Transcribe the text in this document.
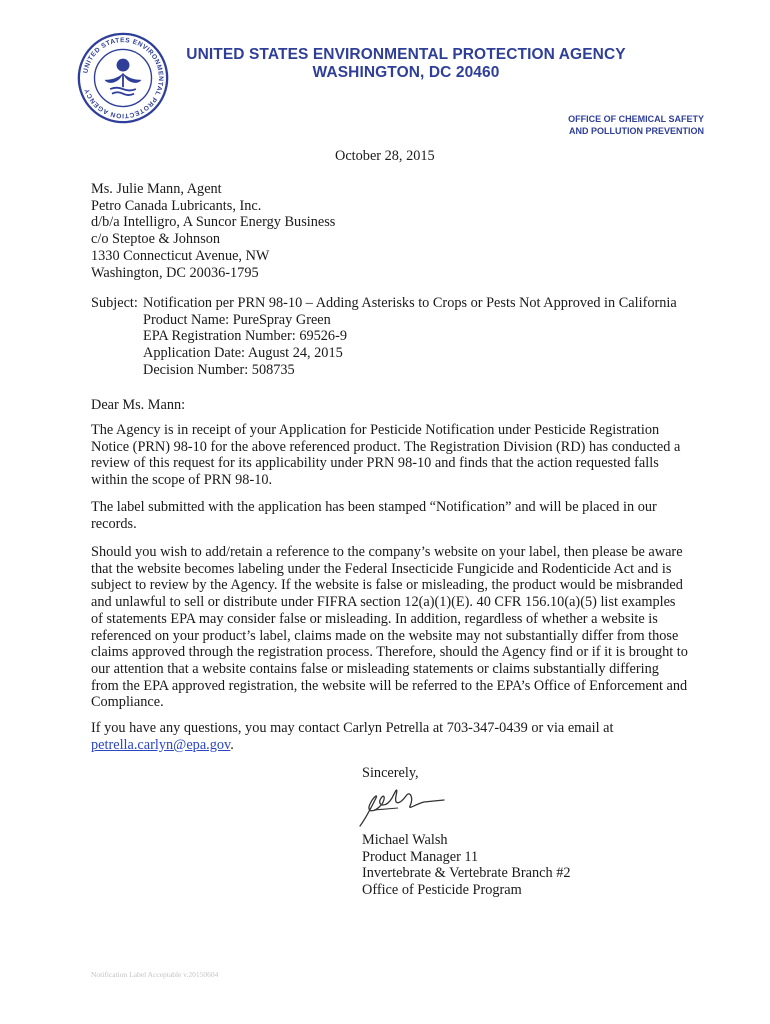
UNITED STATES ENVIRONMENTAL PROTECTION AGENCY
UNITED STATES ENVIRONMENTAL PROTECTION AGENCY
WASHINGTON, DC 20460
OFFICE OF CHEMICAL SAFETY
AND POLLUTION PREVENTION
October 28, 2015
Ms. Julie Mann, Agent
Petro Canada Lubricants, Inc.
d/b/a Intelligro, A Suncor Energy Business
c/o Steptoe & Johnson
1330 Connecticut Avenue, NW
Washington, DC 20036-1795
Subject: Notification per PRN 98-10 – Adding Asterisks to Crops or Pests Not Approved in California
Product Name: PureSpray Green
EPA Registration Number: 69526-9
Application Date: August 24, 2015
Decision Number: 508735
Dear Ms. Mann:
The Agency is in receipt of your Application for Pesticide Notification under Pesticide Registration Notice (PRN) 98-10 for the above referenced product. The Registration Division (RD) has conducted a review of this request for its applicability under PRN 98-10 and finds that the action requested falls within the scope of PRN 98-10.
The label submitted with the application has been stamped “Notification” and will be placed in our records.
Should you wish to add/retain a reference to the company’s website on your label, then please be aware that the website becomes labeling under the Federal Insecticide Fungicide and Rodenticide Act and is subject to review by the Agency. If the website is false or misleading, the product would be misbranded and unlawful to sell or distribute under FIFRA section 12(a)(1)(E). 40 CFR 156.10(a)(5) list examples of statements EPA may consider false or misleading. In addition, regardless of whether a website is referenced on your product’s label, claims made on the website may not substantially differ from those claims approved through the registration process. Therefore, should the Agency find or if it is brought to our attention that a website contains false or misleading statements or claims substantially differing from the EPA approved registration, the website will be referred to the EPA’s Office of Enforcement and Compliance.
If you have any questions, you may contact Carlyn Petrella at 703-347-0439 or via email at
petrella.carlyn@epa.gov.
Sincerely,
Michael Walsh
Product Manager 11
Invertebrate & Vertebrate Branch #2
Office of Pesticide Program
Notification Label Acceptable v.20150604
